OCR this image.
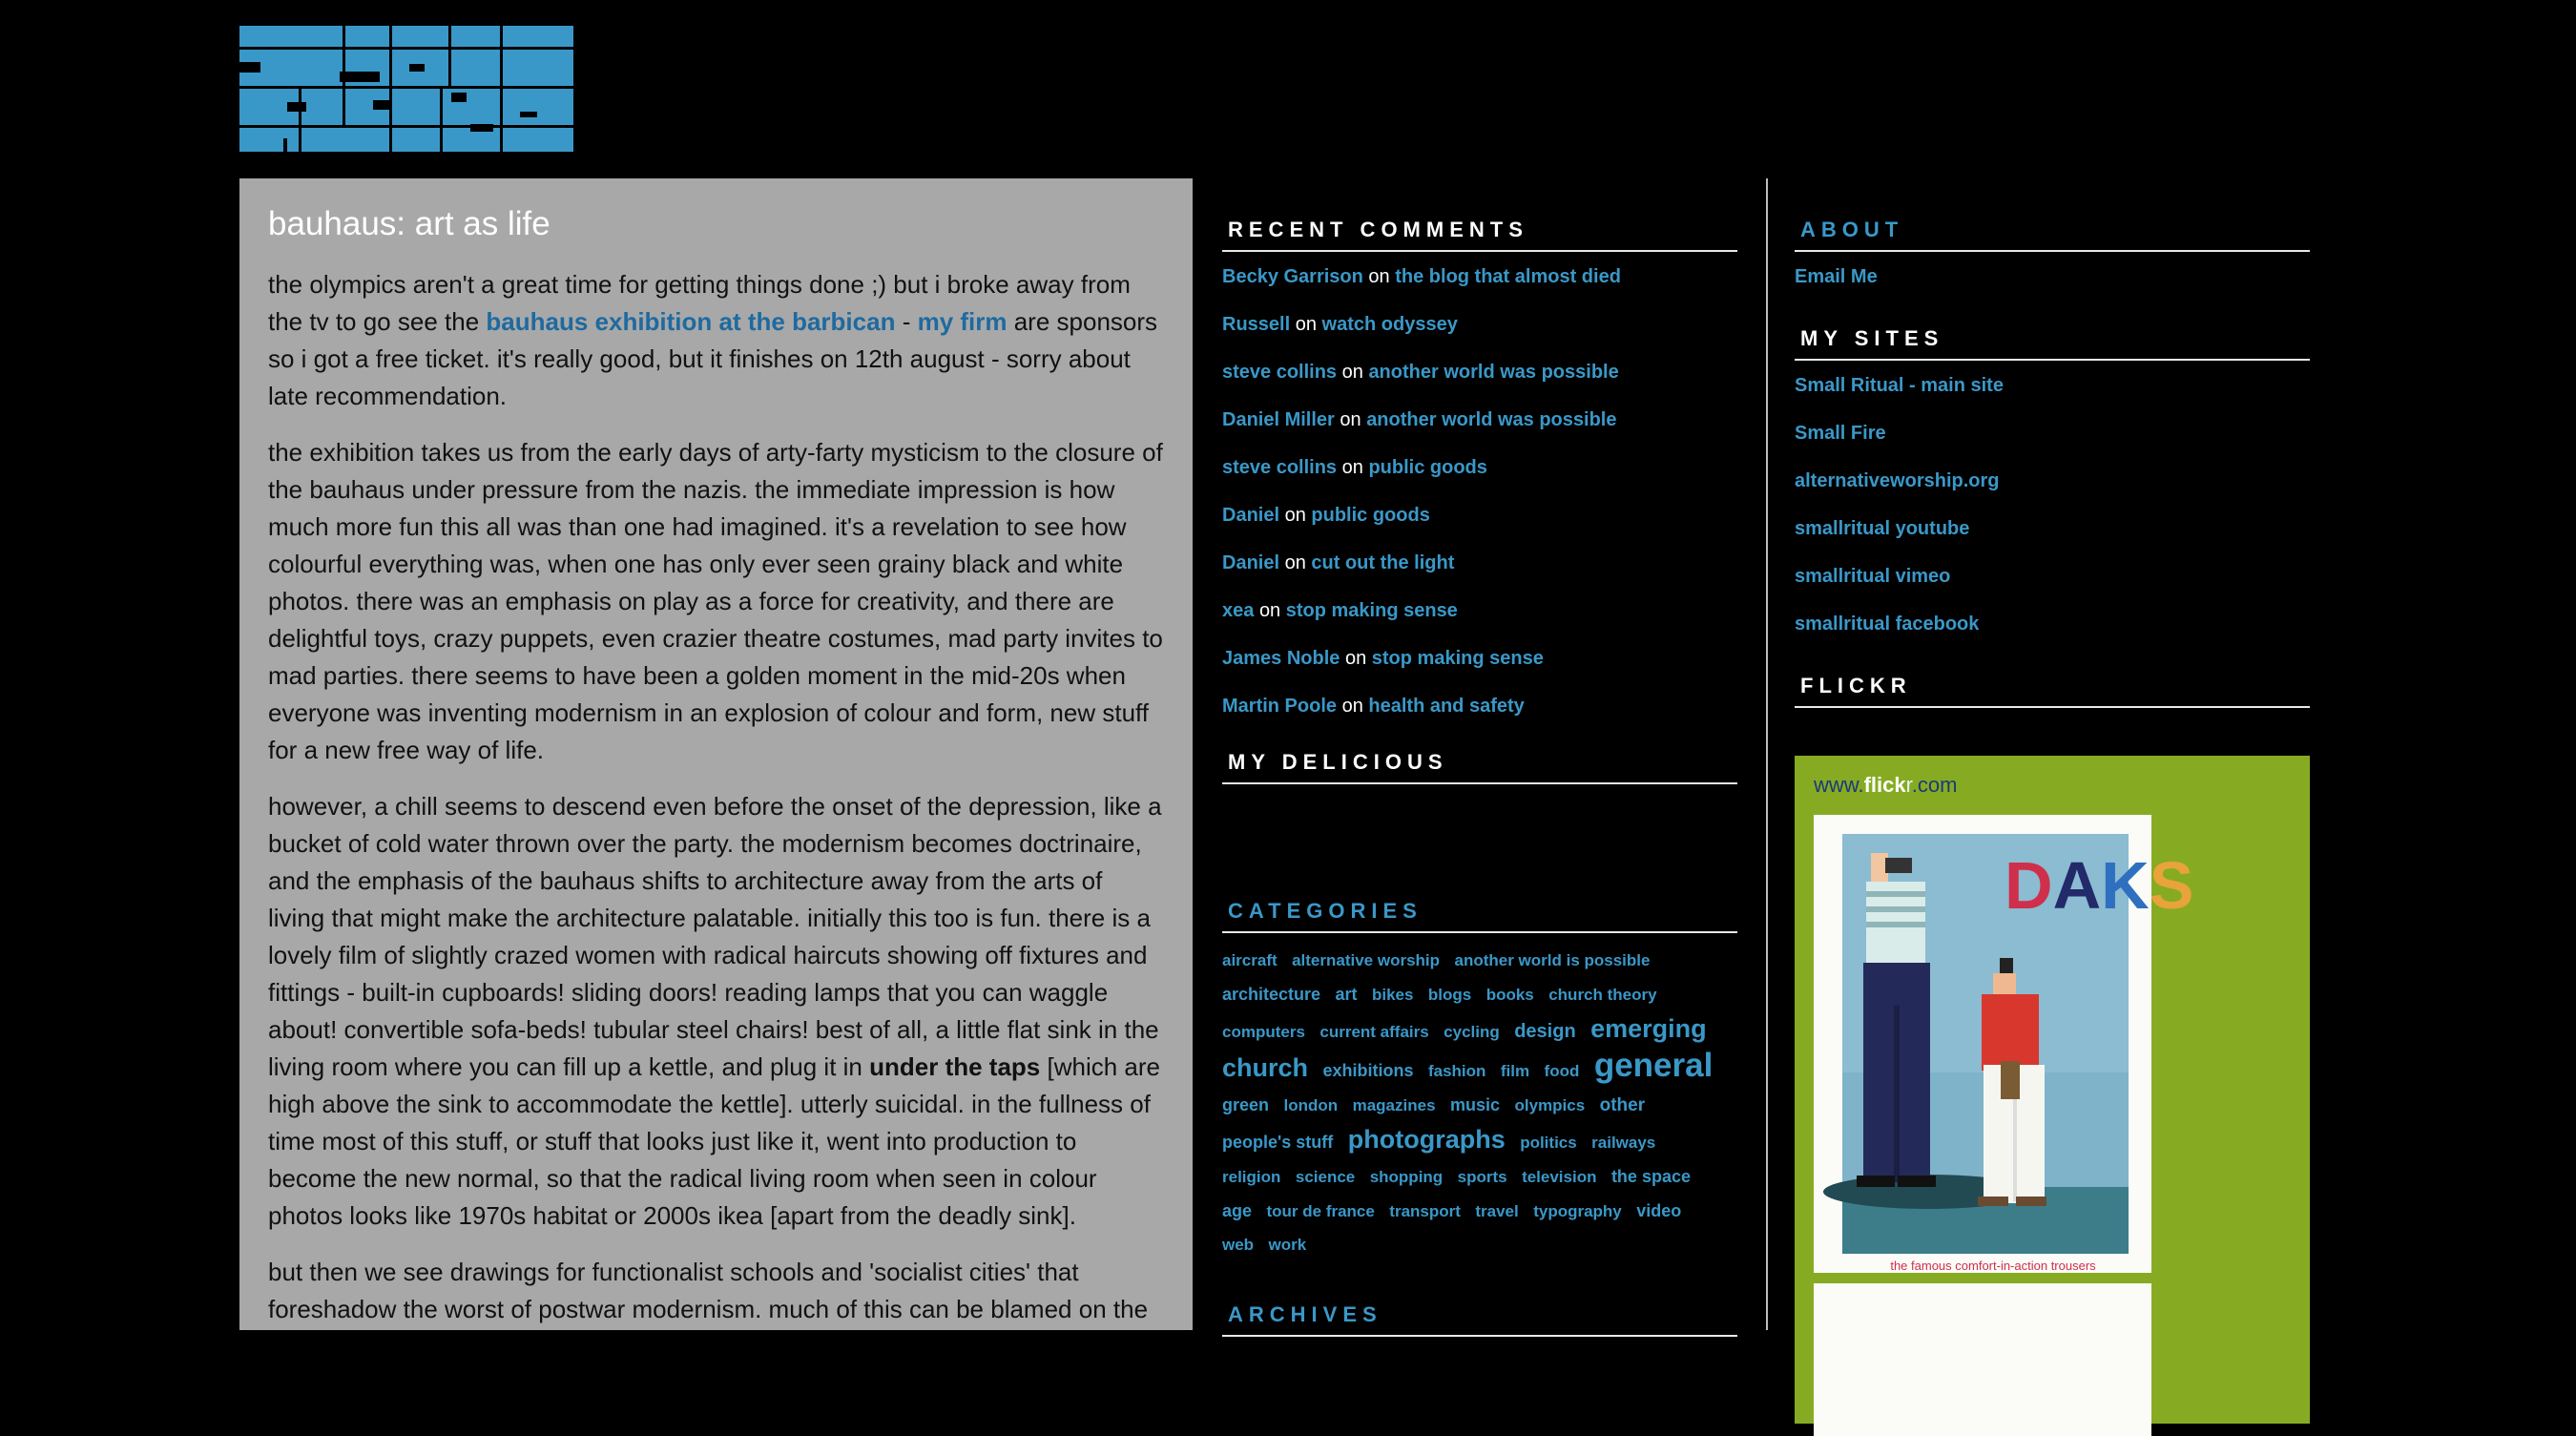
bauhaus: art as life

the olympics aren't a great time for getting things done ;) but i broke away from the tv to go see the bauhaus exhibition at the barbican - my firm are sponsors so i got a free ticket. it's really good, but it finishes on 12th august - sorry about late recommendation.

the exhibition takes us from the early days of arty-farty mysticism to the closure of the bauhaus under pressure from the nazis. the immediate impression is how much more fun this all was than one had imagined. it's a revelation to see how colourful everything was, when one has only ever seen grainy black and white photos. there was an emphasis on play as a force for creativity, and there are delightful toys, crazy puppets, even crazier theatre costumes, mad party invites to mad parties. there seems to have been a golden moment in the mid-20s when everyone was inventing modernism in an explosion of colour and form, new stuff for a new free way of life.

however, a chill seems to descend even before the onset of the depression, like a bucket of cold water thrown over the party. the modernism becomes doctrinaire, and the emphasis of the bauhaus shifts to architecture away from the arts of living that might make the architecture palatable. initially this too is fun. there is a lovely film of slightly crazed women with radical haircuts showing off fixtures and fittings - built-in cupboards! sliding doors! reading lamps that you can waggle about! convertible sofa-beds! tubular steel chairs! best of all, a little flat sink in the living room where you can fill up a kettle, and plug it in under the taps [which are high above the sink to accommodate the kettle]. utterly suicidal. in the fullness of time most of this stuff, or stuff that looks just like it, went into production to become the new normal, so that the radical living room when seen in colour photos looks like 1970s habitat or 2000s ikea [apart from the deadly sink].

but then we see drawings for functionalist schools and 'socialist cities' that foreshadow the worst of postwar modernism. much of this can be blamed on the

RECENT COMMENTS
Becky Garrison on the blog that almost died
Russell on watch odyssey
steve collins on another world was possible
Daniel Miller on another world was possible
steve collins on public goods
Daniel on public goods
Daniel on cut out the light
xea on stop making sense
James Noble on stop making sense
Martin Poole on health and safety
MY DELICIOUS
CATEGORIES
aircraft alternative worship another world is possible architecture art bikes blogs books church theory computers current affairs cycling design emerging church exhibitions fashion film food general green london magazines music olympics other people's stuff photographs politics railways religion science shopping sports television the space age tour de france transport travel typography video web work
ARCHIVES
ABOUT
Email Me
MY SITES
Small Ritual - main site
Small Fire
alternativeworship.org
smallritual youtube
smallritual vimeo
smallritual facebook
FLICKR
www.flickr.com
DAKS
the famous comfort-in-action trousers
